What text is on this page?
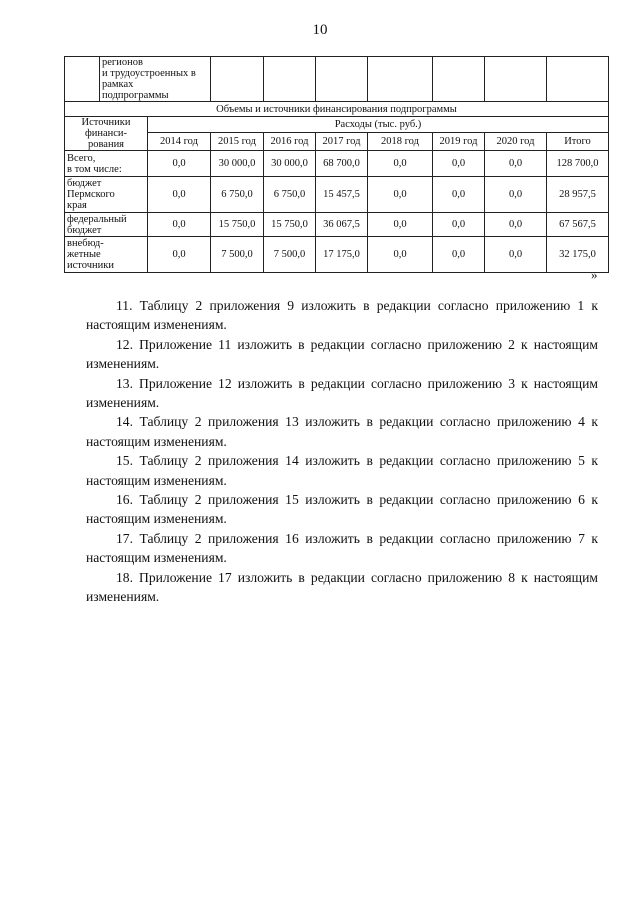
10

	регионов
и трудоустроенных в рамках
подпрограммы								

Объемы и источники финансирования подпрограммы									

Источники
финанси-
рования		Расходы (тыс. руб.)							
		2014 год	2015 год	2016 год	2017 год	2018 год	2019 год	2020 год	Итого

Всего,
в том числе:		0,0	30 000,0	30 000,0	68 700,0	0,0	0,0	0,0	128 700,0

бюджет
Пермского
края		0,0	6 750,0	6 750,0	15 457,5	0,0	0,0	0,0	28 957,5

федеральный
бюджет		0,0	15 750,0	15 750,0	36 067,5	0,0	0,0	0,0	67 567,5

внебюд-
жетные
источники		0,0	7 500,0	7 500,0	17 175,0	0,0	0,0	0,0	32 175,0
»

11. Таблицу 2 приложения 9 изложить в редакции согласно приложению 1 к настоящим изменениям.

12. Приложение 11 изложить в редакции согласно приложению 2 к настоящим изменениям.

13. Приложение 12 изложить в редакции согласно приложению 3 к настоящим изменениям.

14. Таблицу 2 приложения 13 изложить в редакции согласно приложению 4 к настоящим изменениям.

15. Таблицу 2 приложения 14 изложить в редакции согласно приложению 5 к настоящим изменениям.

16. Таблицу 2 приложения 15 изложить в редакции согласно приложению 6 к настоящим изменениям.

17. Таблицу 2 приложения 16 изложить в редакции согласно приложению 7 к настоящим изменениям.

18. Приложение 17 изложить в редакции согласно приложению 8 к настоящим изменениям.
